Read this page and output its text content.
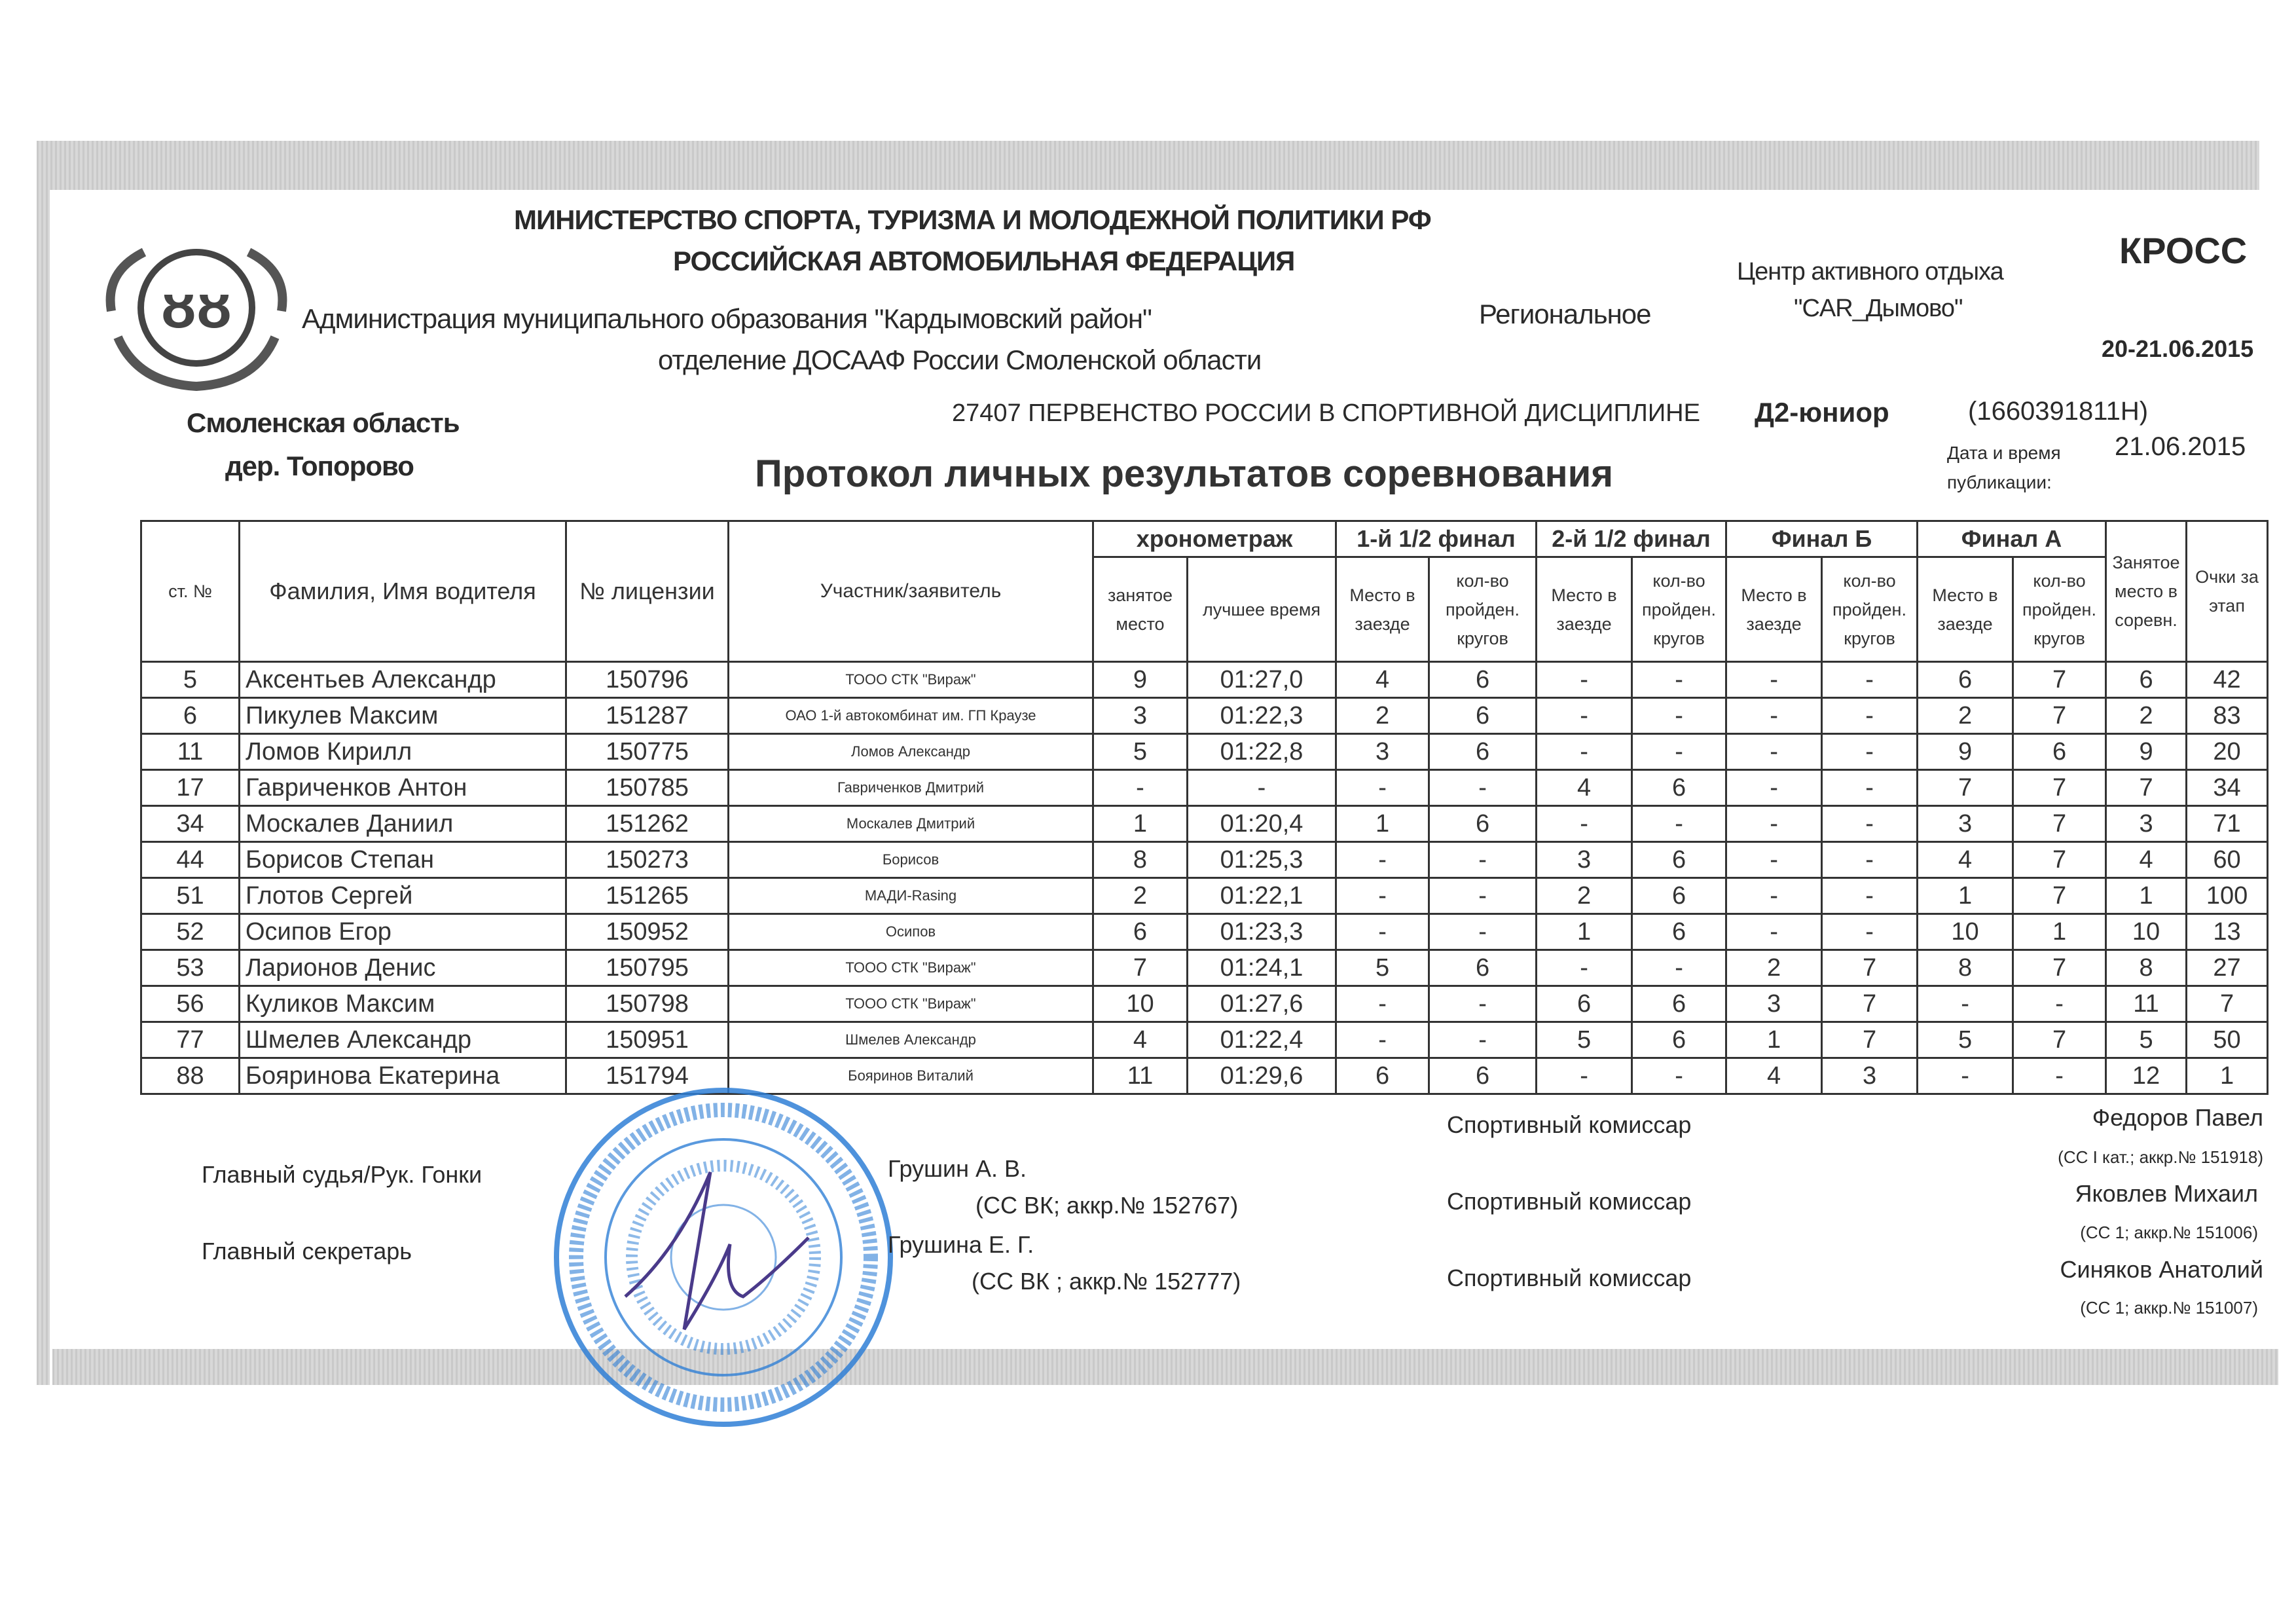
ᴕᴕ
МИНИСТЕРСТВО СПОРТА, ТУРИЗМА И МОЛОДЕЖНОЙ ПОЛИТИКИ РФ
РОССИЙСКАЯ АВТОМОБИЛЬНАЯ ФЕДЕРАЦИЯ
Администрация муниципального образования "Кардымовский район"
отделение ДОСААФ России Смоленской области
Региональное
Центр активного отдыха
"CAR_Дымово"
КРОСС
20-21.06.2015
Смоленская область
дер. Топорово
27407 ПЕРВЕНСТВО РОССИИ В СПОРТИВНОЙ ДИСЦИПЛИНЕ Д2-юниор	(1660391811H)
Дата и время
публикации:
21.06.2015
Протокол личных результатов соревнования
ст. №	Фамилия, Имя водителя	№ лицензии	Участник/заявитель	хронометраж		1-й 1/2 финал		2-й 1/2 финал		Финал Б		Финал А		Занятое место в соревн.	Очки за этап
				занятое место	лучшее время	Место в заезде	кол-во пройден. кругов	Место в заезде	кол-во пройден. кругов	Место в заезде	кол-во пройден. кругов	Место в заезде	кол-во пройден. кругов		
5	Аксентьев Александр	150796	ТООО СТК "Вираж"	9	01:27,0	4	6	-	-	-	-	6	7	6	42
6	Пикулев Максим	151287	ОАО 1-й автокомбинат им. ГП Краузе	3	01:22,3	2	6	-	-	-	-	2	7	2	83
11	Ломов Кирилл	150775	Ломов Александр	5	01:22,8	3	6	-	-	-	-	9	6	9	20
17	Гавриченков Антон	150785	Гавриченков Дмитрий	-	-	-	-	4	6	-	-	7	7	7	34
34	Москалев Даниил	151262	Москалев Дмитрий	1	01:20,4	1	6	-	-	-	-	3	7	3	71
44	Борисов Степан	150273	Борисов	8	01:25,3	-	-	3	6	-	-	4	7	4	60
51	Глотов Сергей	151265	МАДИ-Rasing	2	01:22,1	-	-	2	6	-	-	1	7	1	100
52	Осипов Егор	150952	Осипов	6	01:23,3	-	-	1	6	-	-	10	1	10	13
53	Ларионов Денис	150795	ТООО СТК "Вираж"	7	01:24,1	5	6	-	-	2	7	8	7	8	27
56	Куликов Максим	150798	ТООО СТК "Вираж"	10	01:27,6	-	-	6	6	3	7	-	-	11	7
77	Шмелев Александр	150951	Шмелев Александр	4	01:22,4	-	-	5	6	1	7	5	7	5	50
88	Бояринова Екатерина	151794	Бояринов Виталий	11	01:29,6	6	6	-	-	4	3	-	-	12	1
Главный судья/Рук. Гонки	Грушин А. В.
(СС ВК; аккр.№ 152767)
Главный секретарь	Грушина Е. Г.
(СС ВК ; аккр.№ 152777)
Спортивный комиссар
Спортивный комиссар
Спортивный комиссар
Федоров Павел
(СС I кат.; аккр.№ 151918)
Яковлев Михаил
(СС 1; аккр.№ 151006)
Синяков Анатолий
(СС 1; аккр.№ 151007)
